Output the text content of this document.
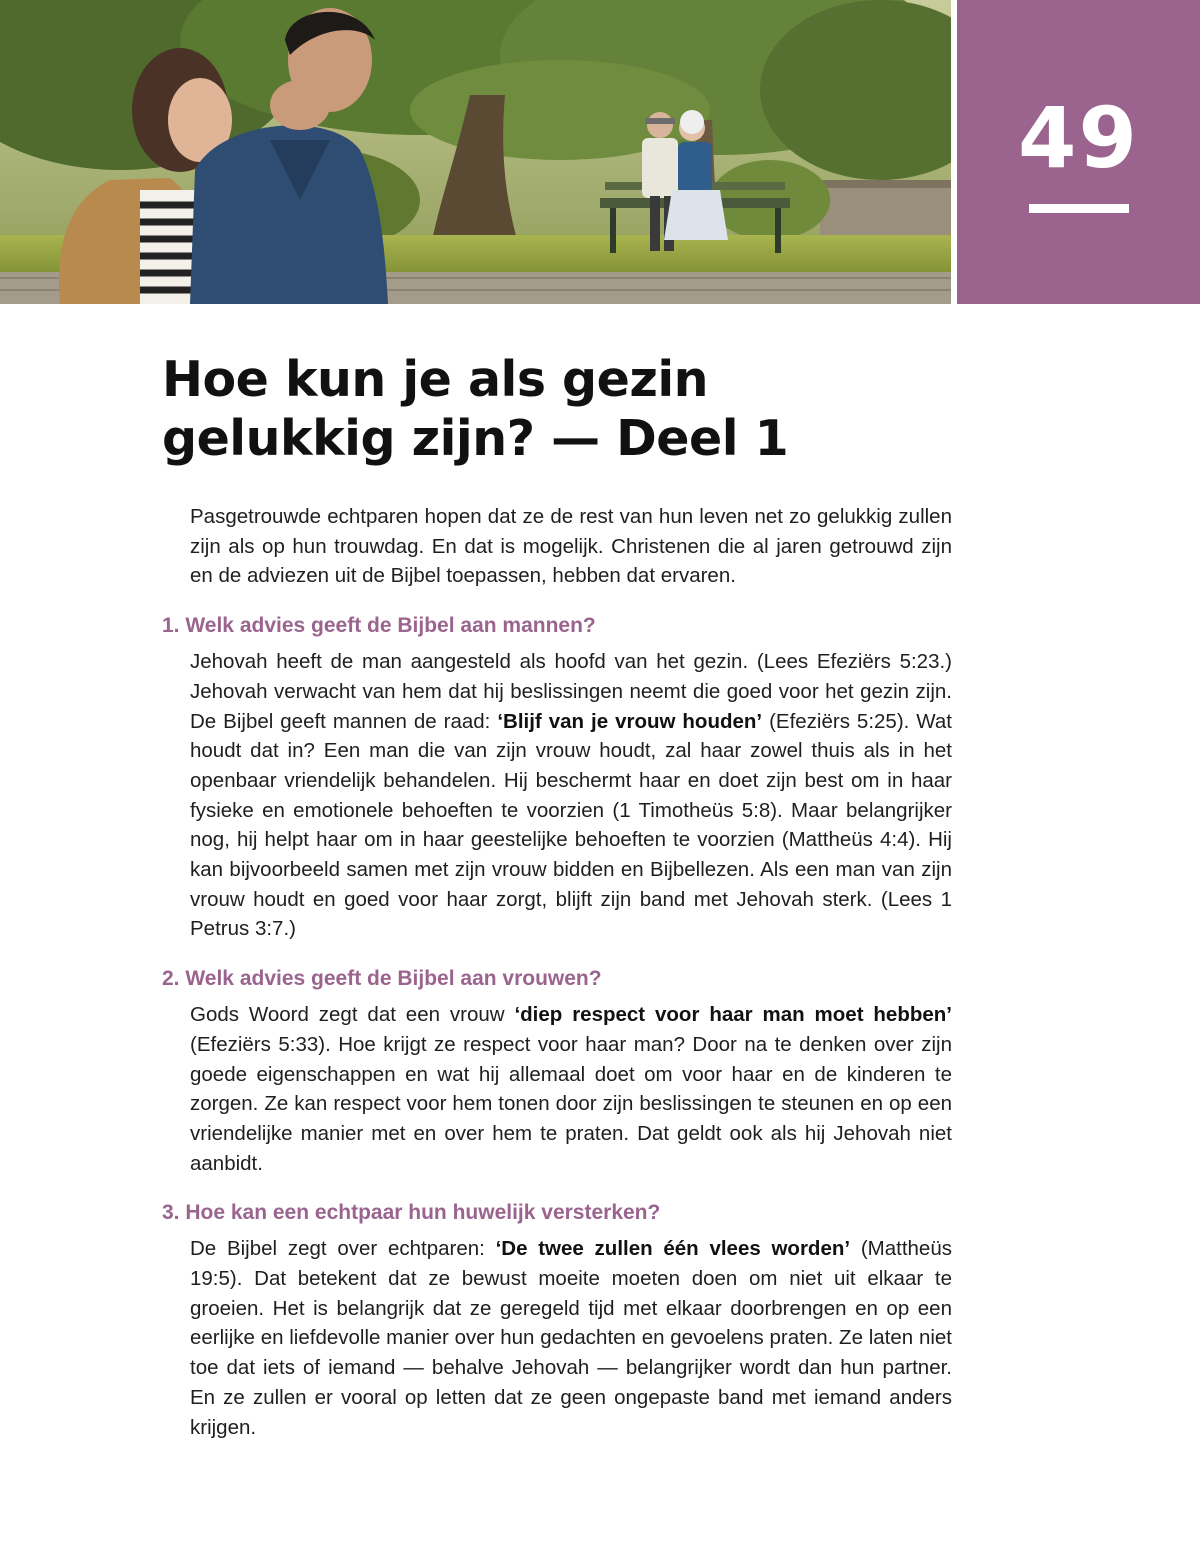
49
Hoe kun je als gezin
gelukkig zijn? — Deel 1

Pasgetrouwde echtparen hopen dat ze de rest van hun leven net zo gelukkig zullen zijn als op hun trouwdag. En dat is mogelijk. Christenen die al jaren getrouwd zijn en de adviezen uit de Bijbel toepassen, hebben dat ervaren.

1. Welk advies geeft de Bijbel aan mannen?

Jehovah heeft de man aangesteld als hoofd van het gezin. (Lees Efeziërs 5:23.) Jehovah verwacht van hem dat hij beslissingen neemt die goed voor het gezin zijn. De Bijbel geeft mannen de raad: ‘Blijf van je vrouw houden’ (Efeziërs 5:25). Wat houdt dat in? Een man die van zijn vrouw houdt, zal haar zowel thuis als in het openbaar vriendelijk behandelen. Hij beschermt haar en doet zijn best om in haar fysieke en emotionele behoeften te voorzien (1 Timotheüs 5:8). Maar belangrijker nog, hij helpt haar om in haar geestelijke behoeften te voorzien (Mattheüs 4:4). Hij kan bijvoorbeeld samen met zijn vrouw bidden en Bijbellezen. Als een man van zijn vrouw houdt en goed voor haar zorgt, blijft zijn band met Jehovah sterk. (Lees 1 Petrus 3:7.)

2. Welk advies geeft de Bijbel aan vrouwen?

Gods Woord zegt dat een vrouw ‘diep respect voor haar man moet hebben’ (Efeziërs 5:33). Hoe krijgt ze respect voor haar man? Door na te denken over zijn goede eigenschappen en wat hij allemaal doet om voor haar en de kinderen te zorgen. Ze kan respect voor hem tonen door zijn beslissingen te steunen en op een vriendelijke manier met en over hem te praten. Dat geldt ook als hij Jehovah niet aanbidt.

3. Hoe kan een echtpaar hun huwelijk versterken?

De Bijbel zegt over echtparen: ‘De twee zullen één vlees worden’ (Mattheüs 19:5). Dat betekent dat ze bewust moeite moeten doen om niet uit elkaar te groeien. Het is belangrijk dat ze geregeld tijd met elkaar doorbrengen en op een eerlijke en liefdevolle manier over hun gedachten en gevoelens praten. Ze laten niet toe dat iets of iemand — behalve Jehovah — belangrijker wordt dan hun partner. En ze zullen er vooral op letten dat ze geen ongepaste band met iemand anders krijgen.
